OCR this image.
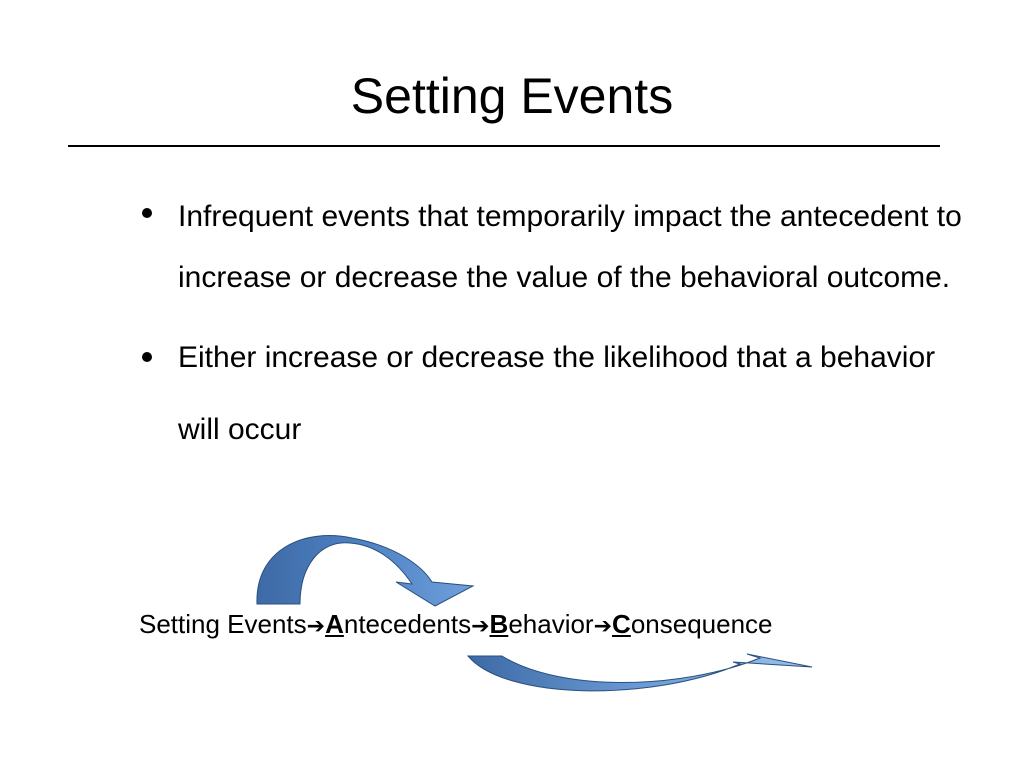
Setting Events
Infrequent events that temporarily impact the antecedent to increase or decrease the value of the behavioral outcome.
Either increase or decrease the likelihood that a behavior will occur
Setting Events➔Antecedents➔Behavior➔Consequence
